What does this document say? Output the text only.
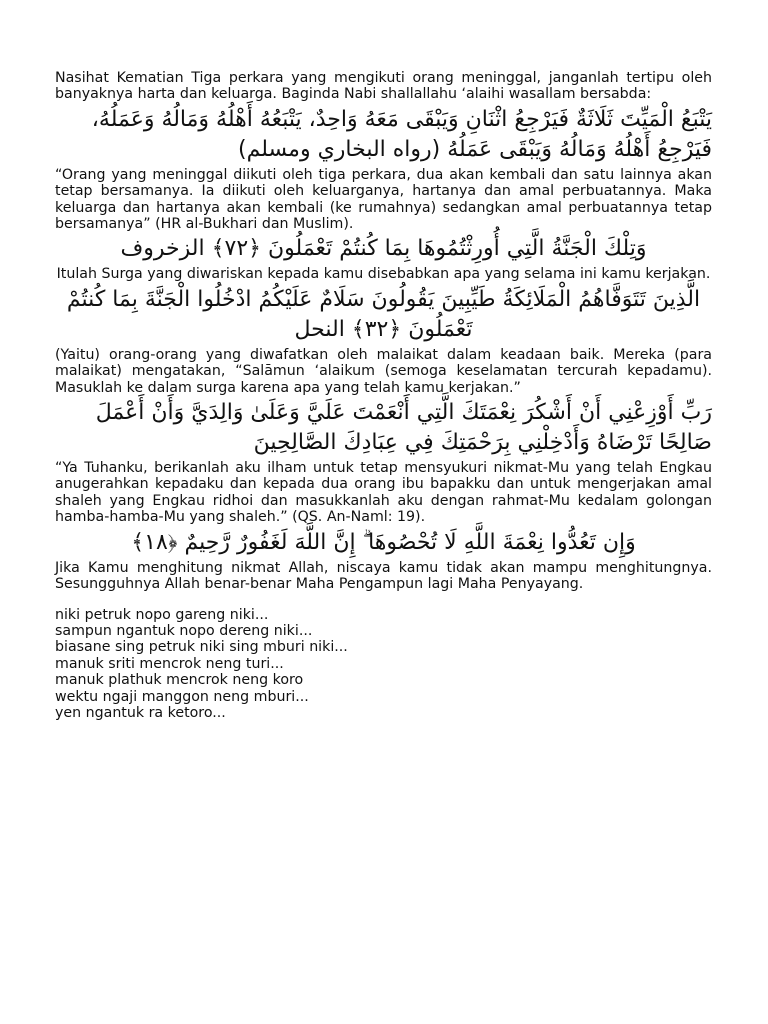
Nasihat Kematian Tiga perkara yang mengikuti orang meninggal, janganlah tertipu oleh banyaknya harta dan keluarga. Baginda Nabi shallallahu ‘alaihi wasallam bersabda:

يَتْبَعُ الْمَيِّتَ ثَلَاثَةٌ فَيَرْجِعُ اثْنَانِ وَيَبْقَى مَعَهُ وَاحِدٌ، يَتْبَعُهُ أَهْلُهُ وَمَالُهُ وَعَمَلُهُ، فَيَرْجِعُ أَهْلُهُ وَمَالُهُ وَيَبْقَى عَمَلُهُ (رواه البخاري ومسلم)

“Orang yang meninggal diikuti oleh tiga perkara, dua akan kembali dan satu lainnya akan tetap bersamanya. Ia diikuti oleh keluarganya, hartanya dan amal perbuatannya. Maka keluarga dan hartanya akan kembali (ke rumahnya) sedangkan amal perbuatannya tetap bersamanya” (HR al-Bukhari dan Muslim).

وَتِلْكَ الْجَنَّةُ الَّتِي أُورِثْتُمُوهَا بِمَا كُنتُمْ تَعْمَلُونَ ﴿٧٢﴾ الزخروف

Itulah Surga yang diwariskan kepada kamu disebabkan apa yang selama ini kamu kerjakan.

الَّذِينَ تَتَوَفَّاهُمُ الْمَلَائِكَةُ طَيِّبِينَ يَقُولُونَ سَلَامٌ عَلَيْكُمُ ادْخُلُوا الْجَنَّةَ بِمَا كُنتُمْ تَعْمَلُونَ ﴿٣٢﴾ النحل

(Yaitu) orang-orang yang diwafatkan oleh malaikat dalam keadaan baik. Mereka (para malaikat) mengatakan, “Salāmun ‘alaikum (semoga keselamatan tercurah kepadamu). Masuklah ke dalam surga karena apa yang telah kamu kerjakan.”

رَبِّ أَوْزِعْنِي أَنْ أَشْكُرَ نِعْمَتَكَ الَّتِي أَنْعَمْتَ عَلَيَّ وَعَلَىٰ وَالِدَيَّ وَأَنْ أَعْمَلَ صَالِحًا تَرْضَاهُ وَأَدْخِلْنِي بِرَحْمَتِكَ فِي عِبَادِكَ الصَّالِحِينَ

“Ya Tuhanku, berikanlah aku ilham untuk tetap mensyukuri nikmat-Mu yang telah Engkau anugerahkan kepadaku dan kepada dua orang ibu bapakku dan untuk mengerjakan amal shaleh yang Engkau ridhoi dan masukkanlah aku dengan rahmat-Mu kedalam golongan hamba-hamba-Mu yang shaleh.” (QS. An-Naml: 19).

وَإِن تَعُدُّوا نِعْمَةَ اللَّهِ لَا تُحْصُوهَا ۗ إِنَّ اللَّهَ لَغَفُورٌ رَّحِيمٌ ﴿١٨﴾

Jika Kamu menghitung nikmat Allah, niscaya kamu tidak akan mampu menghitungnya. Sesungguhnya Allah benar-benar Maha Pengampun lagi Maha Penyayang.

niki petruk nopo gareng niki...

sampun ngantuk nopo dereng niki...

biasane sing petruk niki sing mburi niki...

manuk sriti mencrok neng turi...

manuk plathuk mencrok neng koro

wektu ngaji manggon neng mburi...

yen ngantuk ra ketoro...
